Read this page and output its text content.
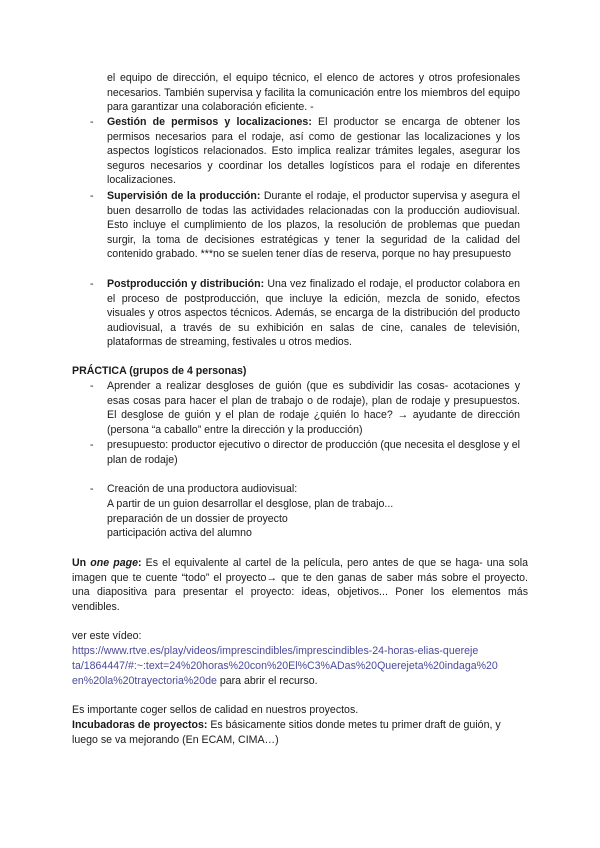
el equipo de dirección, el equipo técnico, el elenco de actores y otros profesionales necesarios. También supervisa y facilita la comunicación entre los miembros del equipo para garantizar una colaboración eficiente. -
- Gestión de permisos y localizaciones: El productor se encarga de obtener los permisos necesarios para el rodaje, así como de gestionar las localizaciones y los aspectos logísticos relacionados. Esto implica realizar trámites legales, asegurar los seguros necesarios y coordinar los detalles logísticos para el rodaje en diferentes localizaciones.
- Supervisión de la producción: Durante el rodaje, el productor supervisa y asegura el buen desarrollo de todas las actividades relacionadas con la producción audiovisual. Esto incluye el cumplimiento de los plazos, la resolución de problemas que puedan surgir, la toma de decisiones estratégicas y tener la seguridad de la calidad del contenido grabado. ***no se suelen tener días de reserva, porque no hay presupuesto
- Postproducción y distribución: Una vez finalizado el rodaje, el productor colabora en el proceso de postproducción, que incluye la edición, mezcla de sonido, efectos visuales y otros aspectos técnicos. Además, se encarga de la distribución del producto audiovisual, a través de su exhibición en salas de cine, canales de televisión, plataformas de streaming, festivales u otros medios.
PRÁCTICA (grupos de 4 personas)
- Aprender a realizar desgloses de guión (que es subdividir las cosas- acotaciones y esas cosas para hacer el plan de trabajo o de rodaje), plan de rodaje y presupuestos. El desglose de guión y el plan de rodaje ¿quién lo hace? → ayudante de dirección (persona “a caballo” entre la dirección y la producción)
- presupuesto: productor ejecutivo o director de producción (que necesita el desglose y el plan de rodaje)
- Creación de una productora audiovisual:
A partir de un guion desarrollar el desglose, plan de trabajo...
preparación de un dossier de proyecto
participación activa del alumno
Un one page: Es el equivalente al cartel de la película, pero antes de que se haga- una sola imagen que te cuente “todo” el proyecto→ que te den ganas de saber más sobre el proyecto. una diapositiva para presentar el proyecto: ideas, objetivos... Poner los elementos más vendibles.
ver este vídeo:
https://www.rtve.es/play/videos/imprescindibles/imprescindibles-24-horas-elias-quereje
ta/1864447/#:~:text=24%20horas%20con%20El%C3%ADas%20Querejeta%20indaga%20
en%20la%20trayectoria%20de para abrir el recurso.
Es importante coger sellos de calidad en nuestros proyectos.
Incubadoras de proyectos: Es básicamente sitios donde metes tu primer draft de guión, y luego se va mejorando (En ECAM, CIMA…)
